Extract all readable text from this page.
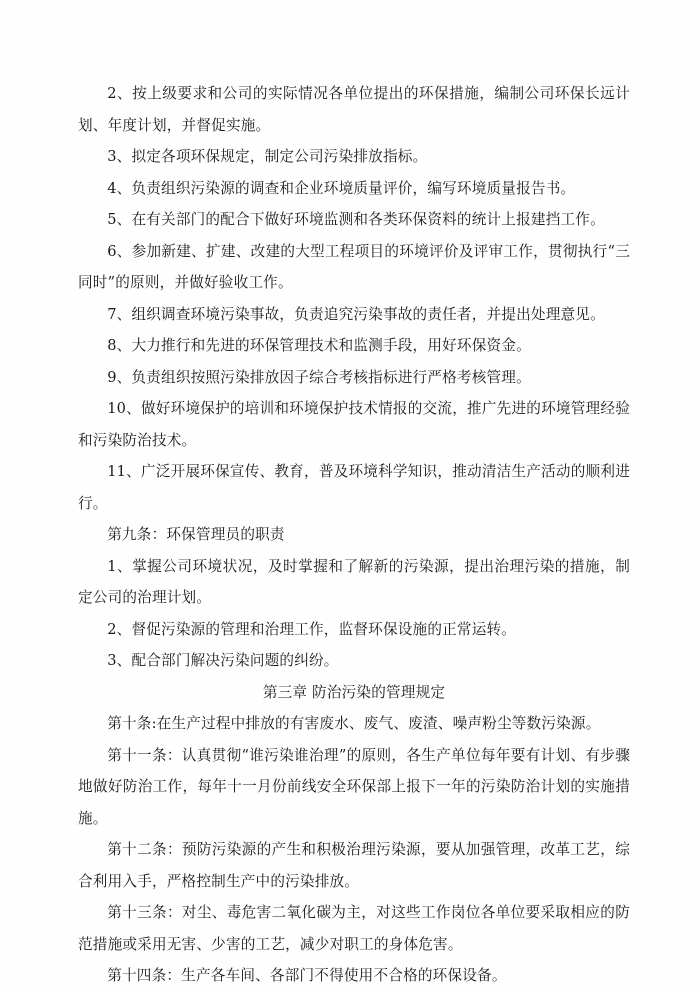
2、按上级要求和公司的实际情况各单位提出的环保措施，编制公司环保长远计划、年度计划，并督促实施。

3、拟定各项环保规定，制定公司污染排放指标。

4、负责组织污染源的调查和企业环境质量评价，编写环境质量报告书。

5、在有关部门的配合下做好环境监测和各类环保资料的统计上报建挡工作。

6、参加新建、扩建、改建的大型工程项目的环境评价及评审工作，贯彻执行“三同时”的原则，并做好验收工作。

7、组织调查环境污染事故，负责追究污染事故的责任者，并提出处理意见。

8、大力推行和先进的环保管理技术和监测手段，用好环保资金。

9、负责组织按照污染排放因子综合考核指标进行严格考核管理。

10、做好环境保护的培训和环境保护技术情报的交流，推广先进的环境管理经验和污染防治技术。

11、广泛开展环保宣传、教育，普及环境科学知识，推动清洁生产活动的顺利进行。

第九条：环保管理员的职责

1、掌握公司环境状况，及时掌握和了解新的污染源，提出治理污染的措施，制定公司的治理计划。

2、督促污染源的管理和治理工作，监督环保设施的正常运转。

3、配合部门解决污染问题的纠纷。

第三章 防治污染的管理规定

第十条:在生产过程中排放的有害废水、废气、废渣、噪声粉尘等数污染源。

第十一条：认真贯彻“谁污染谁治理”的原则，各生产单位每年要有计划、有步骤地做好防治工作，每年十一月份前线安全环保部上报下一年的污染防治计划的实施措施。

第十二条：预防污染源的产生和积极治理污染源，要从加强管理，改革工艺，综合利用入手，严格控制生产中的污染排放。

第十三条：对尘、毒危害二氧化碳为主，对这些工作岗位各单位要采取相应的防范措施或采用无害、少害的工艺，减少对职工的身体危害。

第十四条：生产各车间、各部门不得使用不合格的环保设备。
